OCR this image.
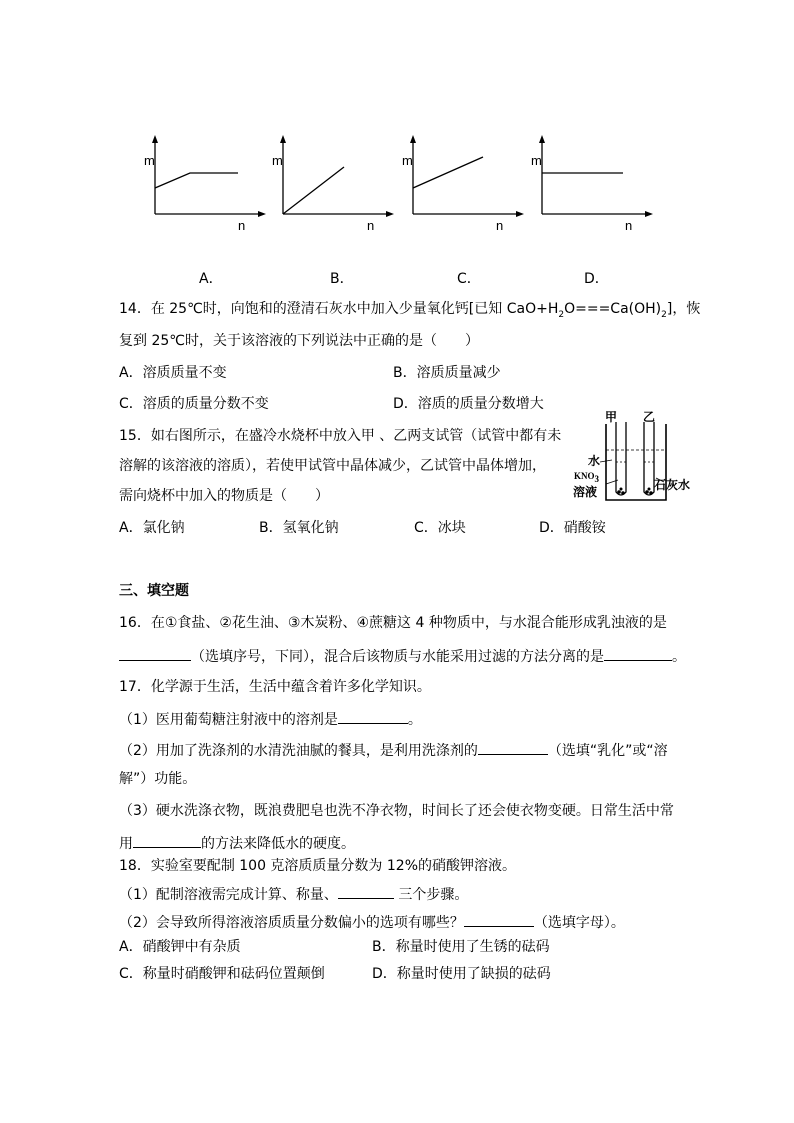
m
n
A．
m
n
B．
m
n
C．
m
n
D．
14．在 25℃时，向饱和的澄清石灰水中加入少量氧化钙[已知 $CaO+H_2O===Ca(OH)_2$]，恢
复到 25℃时，关于该溶液的下列说法中正确的是（　　）
A．溶质质量不变	B．溶质质量减少
C．溶质的质量分数不变	D．溶质的质量分数增大
15．如右图所示，在盛冷水烧杯中放入甲 、乙两支试管（试管中都有未
溶解的该溶液的溶质），若使甲试管中晶体减少，乙试管中晶体增加，
需向烧杯中加入的物质是（　　）
A．氯化钠	B．氢氧化钠	C．冰块	D．硝酸铵
甲 乙
水
$KNO_3$
溶液	石灰水
三、填空题
16．在①食盐、②花生油、③木炭粉、④蔗糖这 4 种物质中，与水混合能形成乳浊液的是
（选填序号，下同），混合后该物质与水能采用过滤的方法分离的是	。
17．化学源于生活，生活中蕴含着许多化学知识。
（1）医用葡萄糖注射液中的溶剂是	。
（2）用加了洗涤剂的水清洗油腻的餐具，是利用洗涤剂的	（选填“乳化”或“溶
解”）功能。
（3）硬水洗涤衣物，既浪费肥皂也洗不净衣物，时间长了还会使衣物变硬。日常生活中常
用	的方法来降低水的硬度。
18．实验室要配制 100 克溶质质量分数为 12%的硝酸钾溶液。
（1）配制溶液需完成计算、称量、	三个步骤。
（2）会导致所得溶液溶质质量分数偏小的选项有哪些？	（选填字母）。
A．硝酸钾中有杂质	B．称量时使用了生锈的砝码
C．称量时硝酸钾和砝码位置颠倒	D．称量时使用了缺损的砝码
